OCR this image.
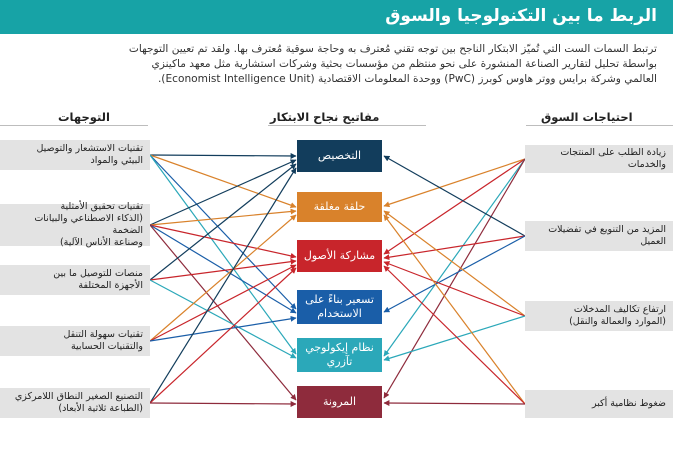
الربط ما بين التكنولوجيا والسوق
ترتبط السمات الست التي تُميّز الابتكار الناجح بين توجه تقني مُعترف به وحاجة سوقية مُعترف بها. ولقد تم تعيين التوجهات
بواسطة تحليل لتقارير الصناعة المنشورة على نحو منتظم من مؤسسات بحثية وشركات استشارية مثل معهد ماكينزي
العالمي وشركة برايس ووتر هاوس كوبرز (PwC) ووحدة المعلومات الاقتصادية (Economist Intelligence Unit).
التوجهات	مفاتيح نجاح الابتكار	احتياجات السوق
تقنيات الاستشعار والتوصيل
البيئي والمواد
تقنيات تحقيق الأمثلية
(الذكاء الاصطناعي والبيانات الضخمة
وصناعة الأناس الآلية)
منصات للتوصيل ما بين
الأجهزة المختلفة
تقنيات سهولة التنقل
والتقنيات الحسابية
التصنيع الصغير النطاق اللامركزي
(الطباعة ثلاثية الأبعاد)
التخصيص
حلقة مغلقة
مشاركة الأصول
تسعير بناءً على
الاستخدام
نظام إيكولوجي
تآزري
المرونة
زيادة الطلب على المنتجات والخدمات
المزيد من التنويع في تفضيلات
العميل
ارتفاع تكاليف المدخلات
(الموارد والعمالة والنقل)
ضغوط نظامية أكبر
